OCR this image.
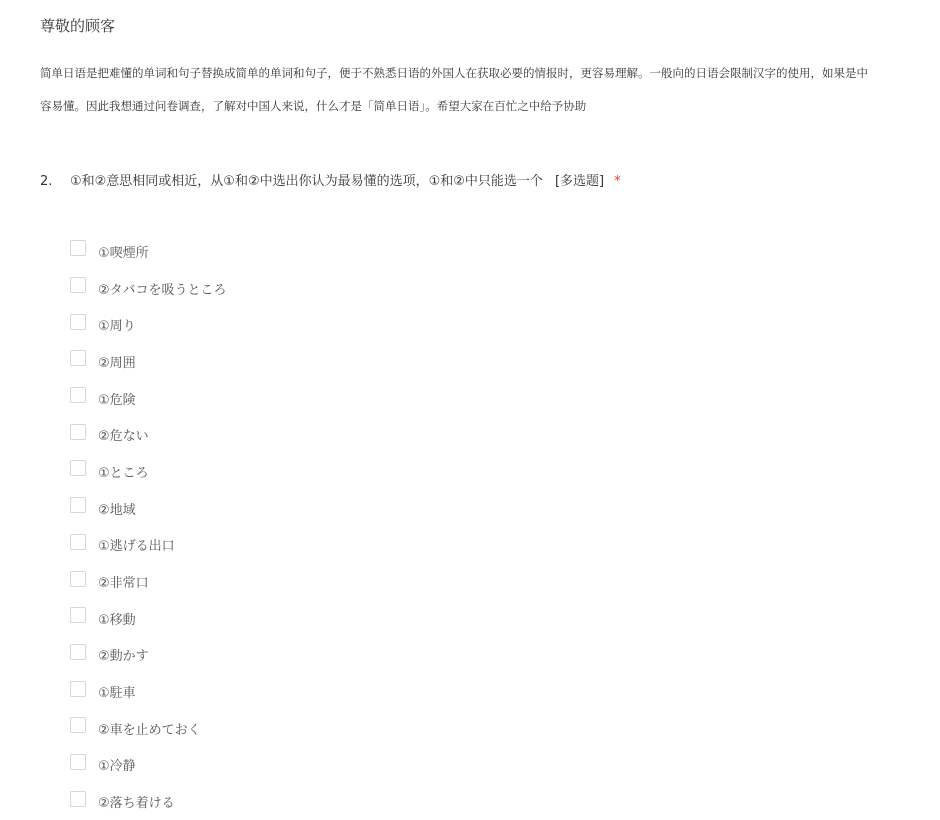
尊敬的顾客
简单日语是把难懂的单词和句子替换成简单的单词和句子，便于不熟悉日语的外国人在获取必要的情报时，更容易理解。一般向的日语会限制汉字的使用，如果是中
容易懂。因此我想通过问卷调查，了解对中国人来说，什么才是「简单日语」。希望大家在百忙之中给予协助
2. ①和②意思相同或相近，从①和②中选出你认为最易懂的选项，①和②中只能选一个 [多选题] *
①喫煙所
②タバコを吸うところ
①周り
②周囲
①危険
②危ない
①ところ
②地域
①逃げる出口
②非常口
①移動
②動かす
①駐車
②車を止めておく
①冷静
②落ち着ける
